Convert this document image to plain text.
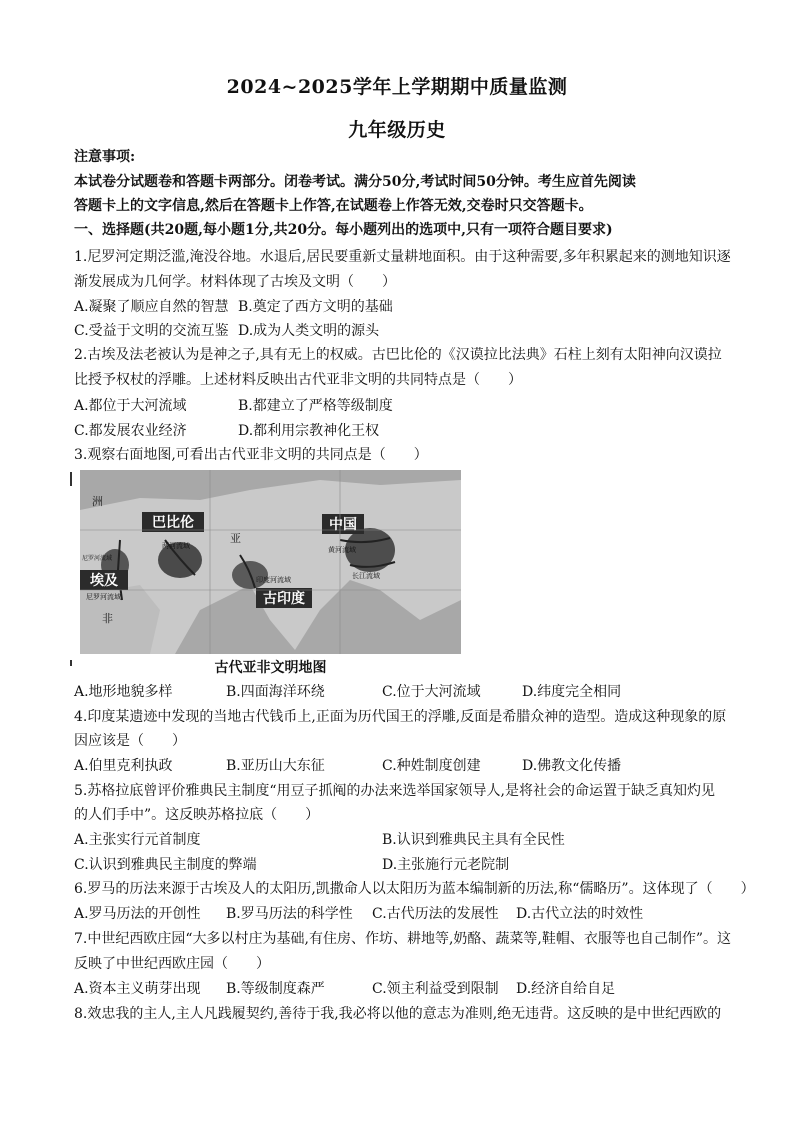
2024~2025学年上学期期中质量监测
九年级历史
注意事项:
本试卷分试题卷和答题卡两部分。闭卷考试。满分50分,考试时间50分钟。考生应首先阅读
答题卡上的文字信息,然后在答题卡上作答,在试题卷上作答无效,交卷时只交答题卡。
一、选择题(共20题,每小题1分,共20分。每小题列出的选项中,只有一项符合题目要求)
1.尼罗河定期泛滥,淹没谷地。水退后,居民要重新丈量耕地面积。由于这种需要,多年积累起来的测地知识逐
渐发展成为几何学。材料体现了古埃及文明（　　）
A.凝聚了顺应自然的智慧 B.奠定了西方文明的基础
C.受益于文明的交流互鉴 D.成为人类文明的源头
2.古埃及法老被认为是神之子,具有无上的权威。古巴比伦的《汉谟拉比法典》石柱上刻有太阳神向汉谟拉
比授予权杖的浮雕。上述材料反映出古代亚非文明的共同特点是（　　）
A.都位于大河流域	B.都建立了严格等级制度
C.都发展农业经济	D.都利用宗教神化王权
3.观察右面地图,可看出古代亚非文明的共同点是（　　）
巴比伦	中国
埃及
古印度
洲
亚
非
两河流域
尼罗河流域
尼罗河流域
印度河流域
黄河流域
长江流域
古代亚非文明地图
A.地形地貌多样	B.四面海洋环绕	C.位于大河流域	D.纬度完全相同
4.印度某遗迹中发现的当地古代钱币上,正面为历代国王的浮雕,反面是希腊众神的造型。造成这种现象的原
因应该是（　　）
A.伯里克利执政	B.亚历山大东征	C.种姓制度创建	D.佛教文化传播
5.苏格拉底曾评价雅典民主制度“用豆子抓阄的办法来选举国家领导人,是将社会的命运置于缺乏真知灼见
的人们手中”。这反映苏格拉底（　　）
A.主张实行元首制度	B.认识到雅典民主具有全民性
C.认识到雅典民主制度的弊端	D.主张施行元老院制
6.罗马的历法来源于古埃及人的太阳历,凯撒命人以太阳历为蓝本编制新的历法,称“儒略历”。这体现了（　　）
A.罗马历法的开创性 B.罗马历法的科学性 C.古代历法的发展性 D.古代立法的时效性
7.中世纪西欧庄园“大多以村庄为基础,有住房、作坊、耕地等,奶酪、蔬菜等,鞋帽、衣服等也自己制作”。这
反映了中世纪西欧庄园（　　）
A.资本主义萌芽出现 B.等级制度森严	C.领主利益受到限制 D.经济自给自足
8.效忠我的主人,主人凡践履契约,善待于我,我必将以他的意志为准则,绝无违背。这反映的是中世纪西欧的
